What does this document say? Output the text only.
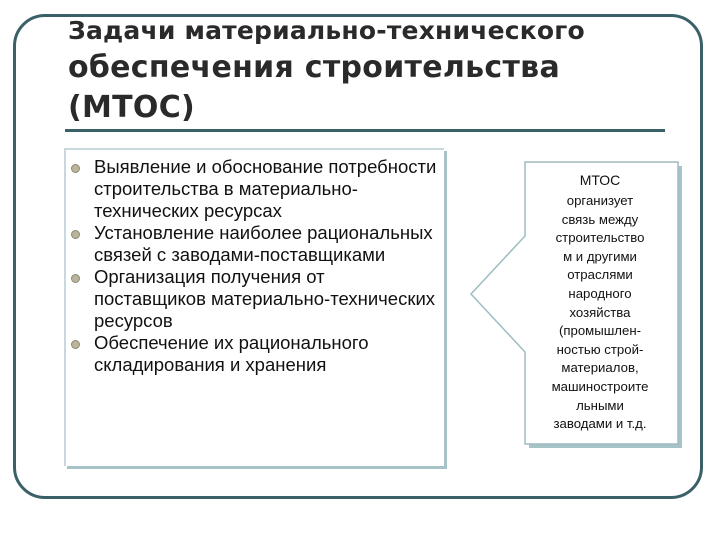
Задачи материально-технического
обеспечения строительства
(МТОС)
Выявление и обоснование потребности строительства в материально-технических ресурсах
Установление наиболее рациональных связей с заводами-поставщиками
Организация получения от поставщиков материально-технических ресурсов
Обеспечение их рационального складирования и хранения
МТОС
организует
связь между
строительство
м и другими
отраслями
народного
хозяйства
(промышлен-
ностью строй-
материалов,
машиностроите
льными
заводами и т.д.
